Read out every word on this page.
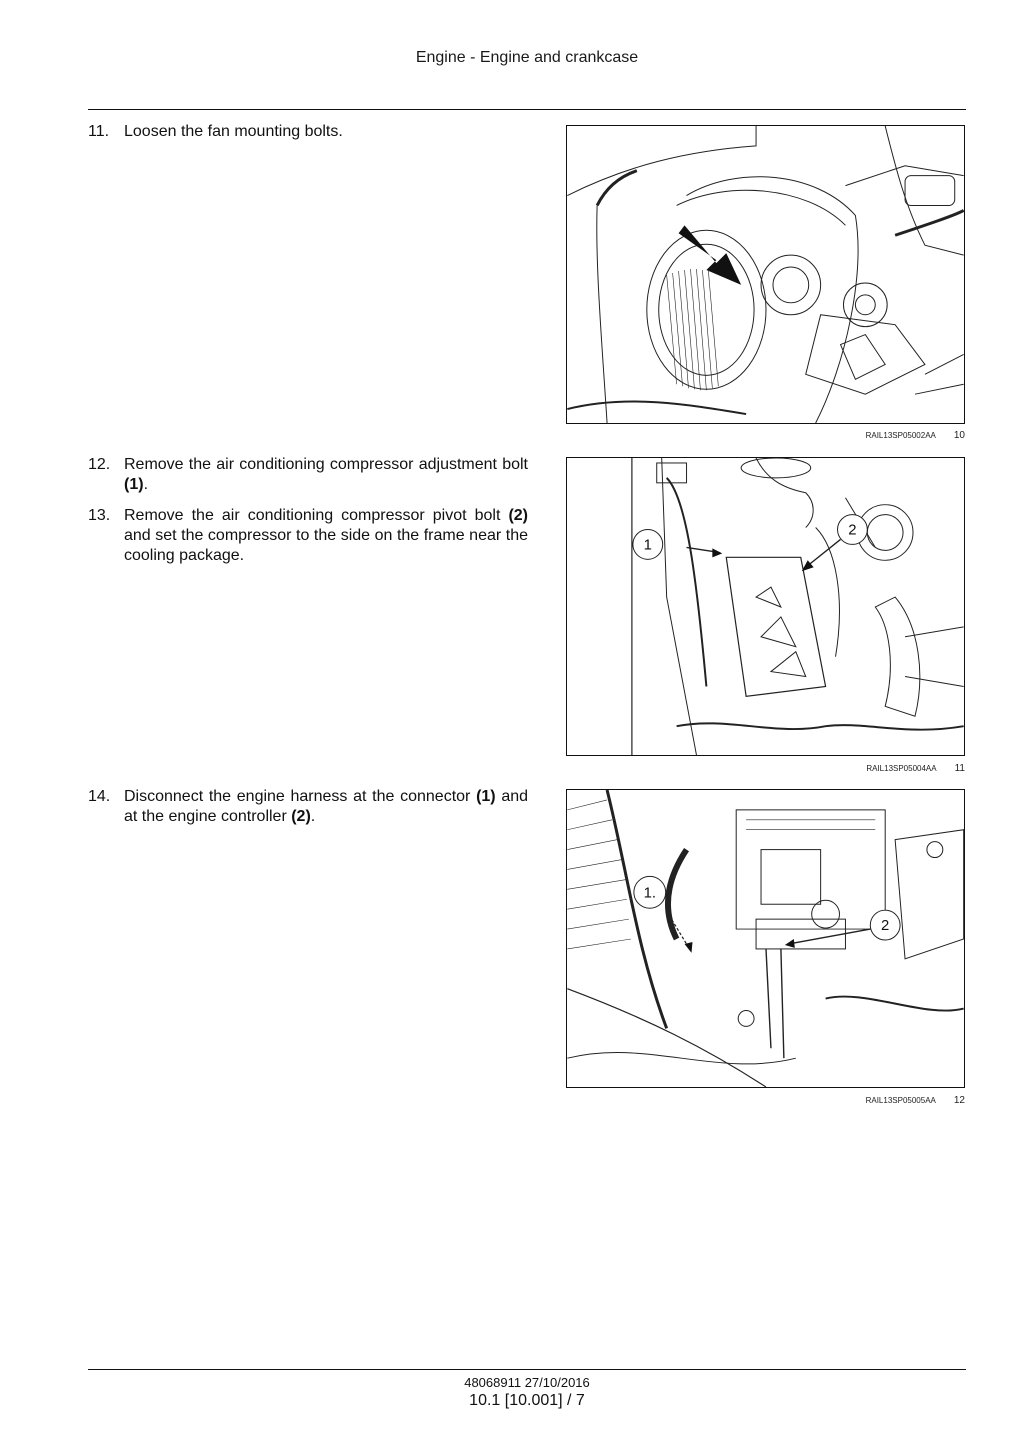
Engine - Engine and crankcase
11. Loosen the fan mounting bolts.
RAIL13SP05002AA 10
12. Remove the air conditioning compressor adjustment bolt (1).
13. Remove the air conditioning compressor pivot bolt (2) and set the compressor to the side on the frame near the cooling package.
1
2
RAIL13SP05004AA 11
14. Disconnect the engine harness at the connector (1) and at the engine controller (2).
1.
2
RAIL13SP05005AA 12
48068911 27/10/2016
10.1 [10.001] / 7
